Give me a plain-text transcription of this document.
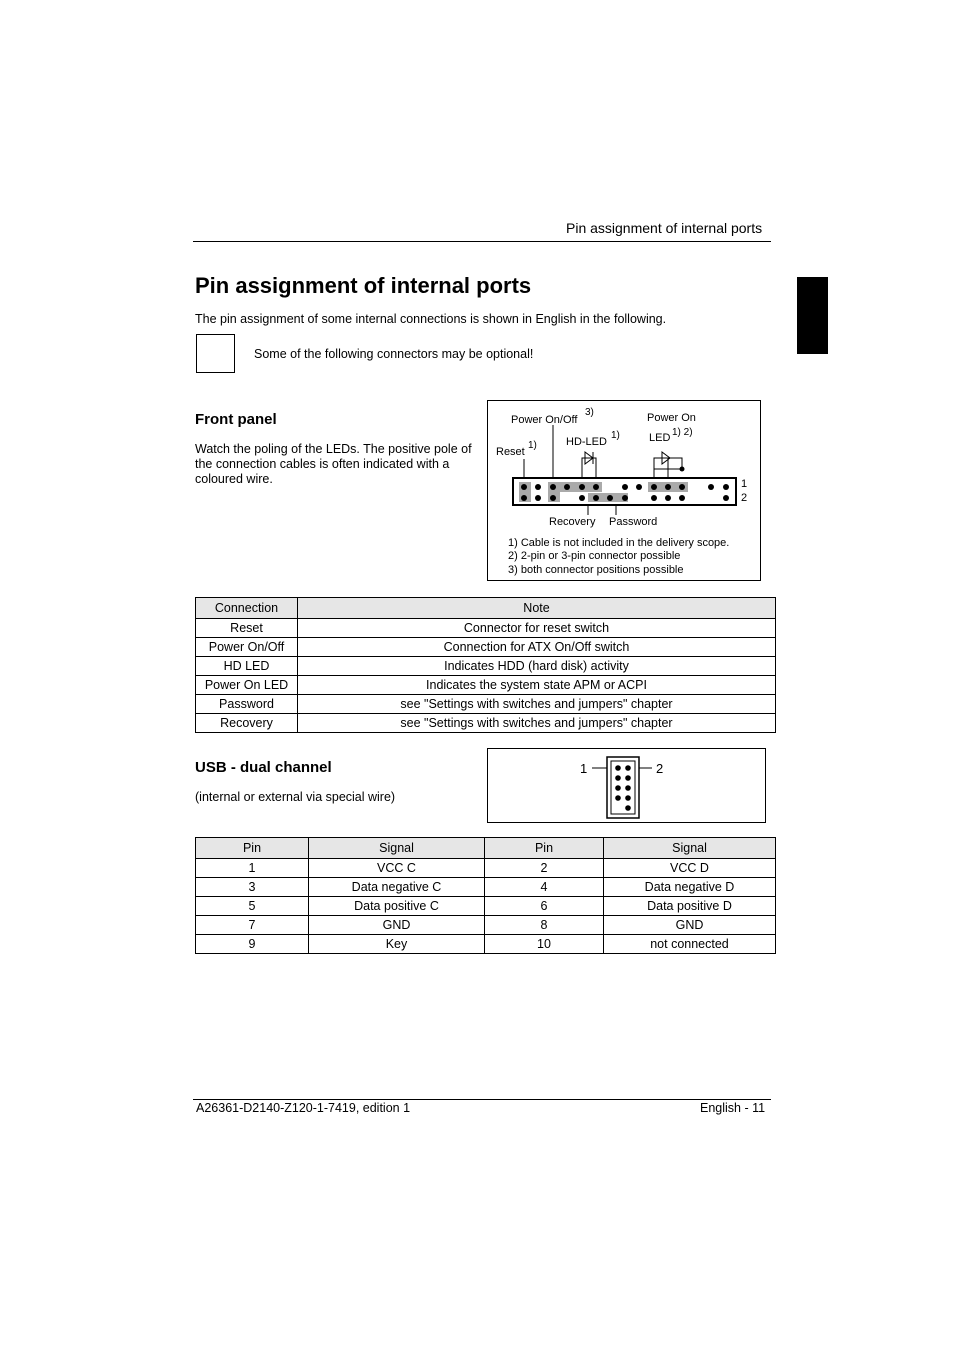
Pin assignment of internal ports
Pin assignment of internal ports
The pin assignment of some internal connections is shown in English in the following.
Some of the following connectors may be optional!
Front panel
Watch the poling of the LEDs. The positive pole of the connection cables is often indicated with a coloured wire.
Power On/Off
3)	Power On
LED 1) 2)
Reset
1)	HD-LED
1)
1
2
Recovery Password
1) Cable is not included in the delivery scope.
2) 2-pin or 3-pin connector possible
3) both connector positions possible
Connection	Note
Reset	Connector for reset switch
Power On/Off	Connection for ATX On/Off switch
HD LED	Indicates HDD (hard disk) activity
Power On LED	Indicates the system state APM or ACPI
Password	see "Settings with switches and jumpers" chapter
Recovery	see "Settings with switches and jumpers" chapter
USB - dual channel
(internal or external via special wire)
1	2
Pin	Signal	Pin	Signal
1	VCC C	2	VCC D
3	Data negative C	4	Data negative D
5	Data positive C	6	Data positive D
7	GND	8	GND
9	Key	10	not connected
A26361-D2140-Z120-1-7419, edition 1	English - 11
